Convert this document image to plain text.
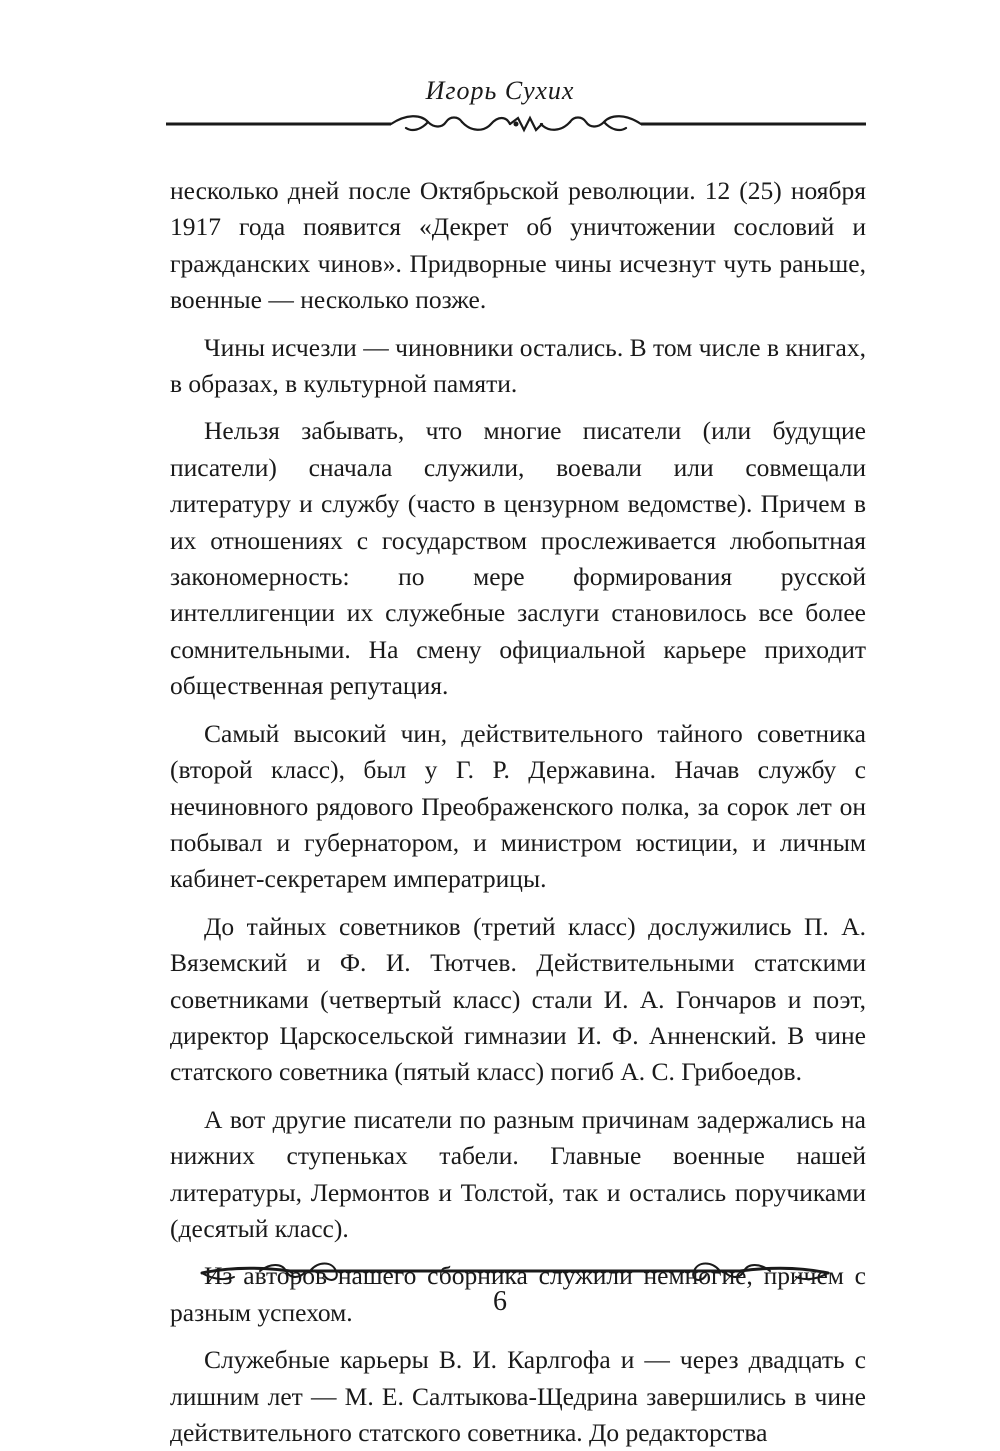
Игорь Сухих

несколько дней после Октябрьской революции. 12 (25) ноября 1917 года появится «Декрет об уничтожении сословий и гражданских чинов». Придворные чины исчезнут чуть раньше, военные — несколько позже.

Чины исчезли — чиновники остались. В том числе в книгах, в образах, в культурной памяти.

Нельзя забывать, что многие писатели (или будущие писатели) сначала служили, воевали или совмещали литературу и службу (часто в цензурном ведомстве). Причем в их отношениях с государством прослеживается любопытная закономерность: по мере формирования русской интеллигенции их служебные заслуги становилось все более сомнительными. На смену официальной карьере приходит общественная репутация.

Самый высокий чин, действительного тайного советника (второй класс), был у Г. Р. Державина. Начав службу с нечиновного рядового Преображенского полка, за сорок лет он побывал и губернатором, и министром юстиции, и личным кабинет-секретарем императрицы.

До тайных советников (третий класс) дослужились П. А. Вяземский и Ф. И. Тютчев. Действительными статскими советниками (четвертый класс) стали И. А. Гончаров и поэт, директор Царскосельской гимназии И. Ф. Анненский. В чине статского советника (пятый класс) погиб А. С. Грибоедов.

А вот другие писатели по разным причинам задержались на нижних ступеньках табели. Главные военные нашей литературы, Лермонтов и Толстой, так и остались поручиками (десятый класс).

Из авторов нашего сборника служили немногие, причем с разным успехом.

Служебные карьеры В. И. Карлгофа и — через двадцать с лишним лет — М. Е. Салтыкова-Щедрина завершились в чине действительного статского советника. До редакторства

6
